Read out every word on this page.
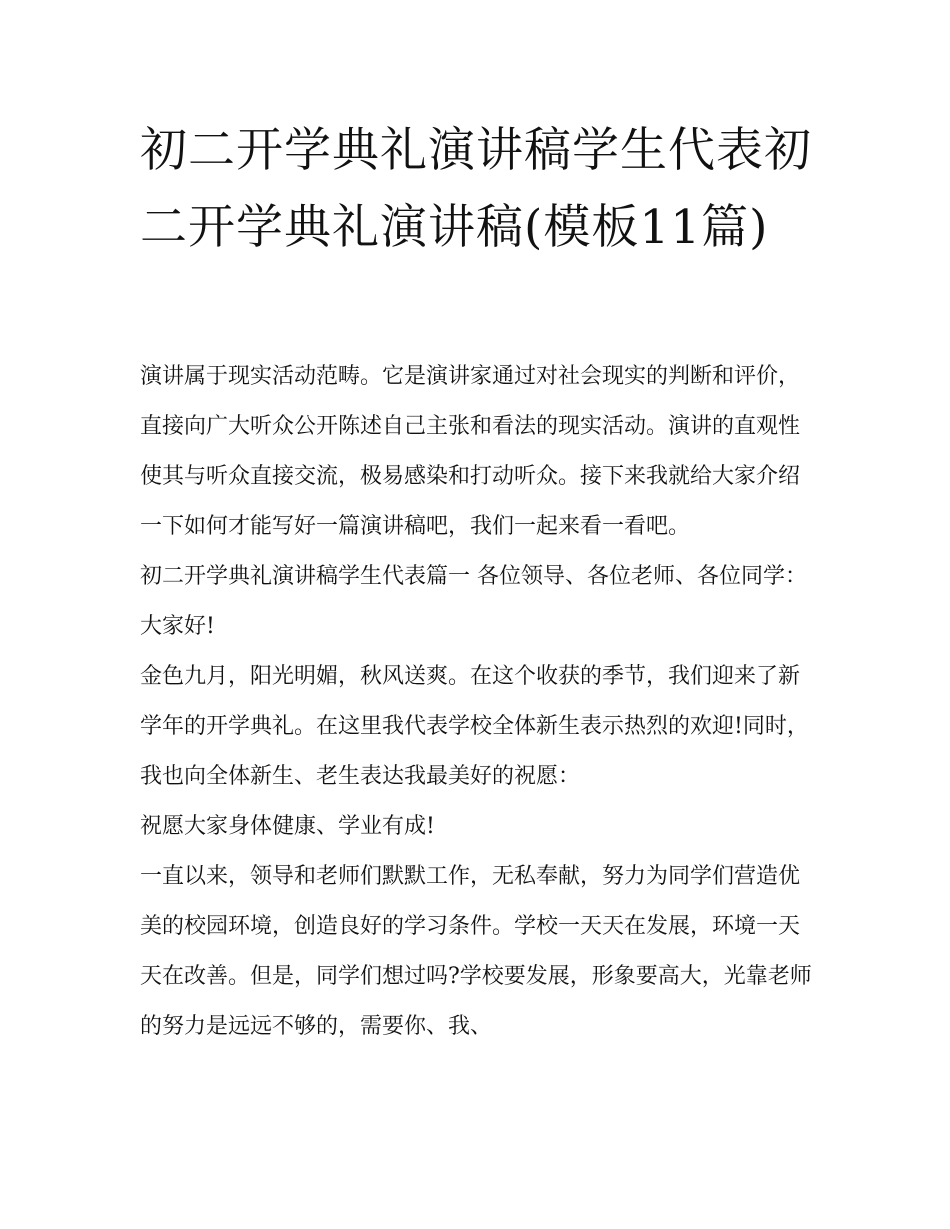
初二开学典礼演讲稿学生代表初二开学典礼演讲稿(模板11篇)

演讲属于现实活动范畴。它是演讲家通过对社会现实的判断和评价，直接向广大听众公开陈述自己主张和看法的现实活动。演讲的直观性使其与听众直接交流，极易感染和打动听众。接下来我就给大家介绍一下如何才能写好一篇演讲稿吧，我们一起来看一看吧。

初二开学典礼演讲稿学生代表篇一 各位领导、各位老师、各位同学： 大家好!

金色九月，阳光明媚，秋风送爽。在这个收获的季节，我们迎来了新学年的开学典礼。在这里我代表学校全体新生表示热烈的欢迎!同时，我也向全体新生、老生表达我最美好的祝愿：

祝愿大家身体健康、学业有成!

一直以来，领导和老师们默默工作，无私奉献，努力为同学们营造优美的校园环境，创造良好的学习条件。学校一天天在发展，环境一天天在改善。但是，同学们想过吗?学校要发展，形象要高大，光靠老师的努力是远远不够的，需要你、我、
